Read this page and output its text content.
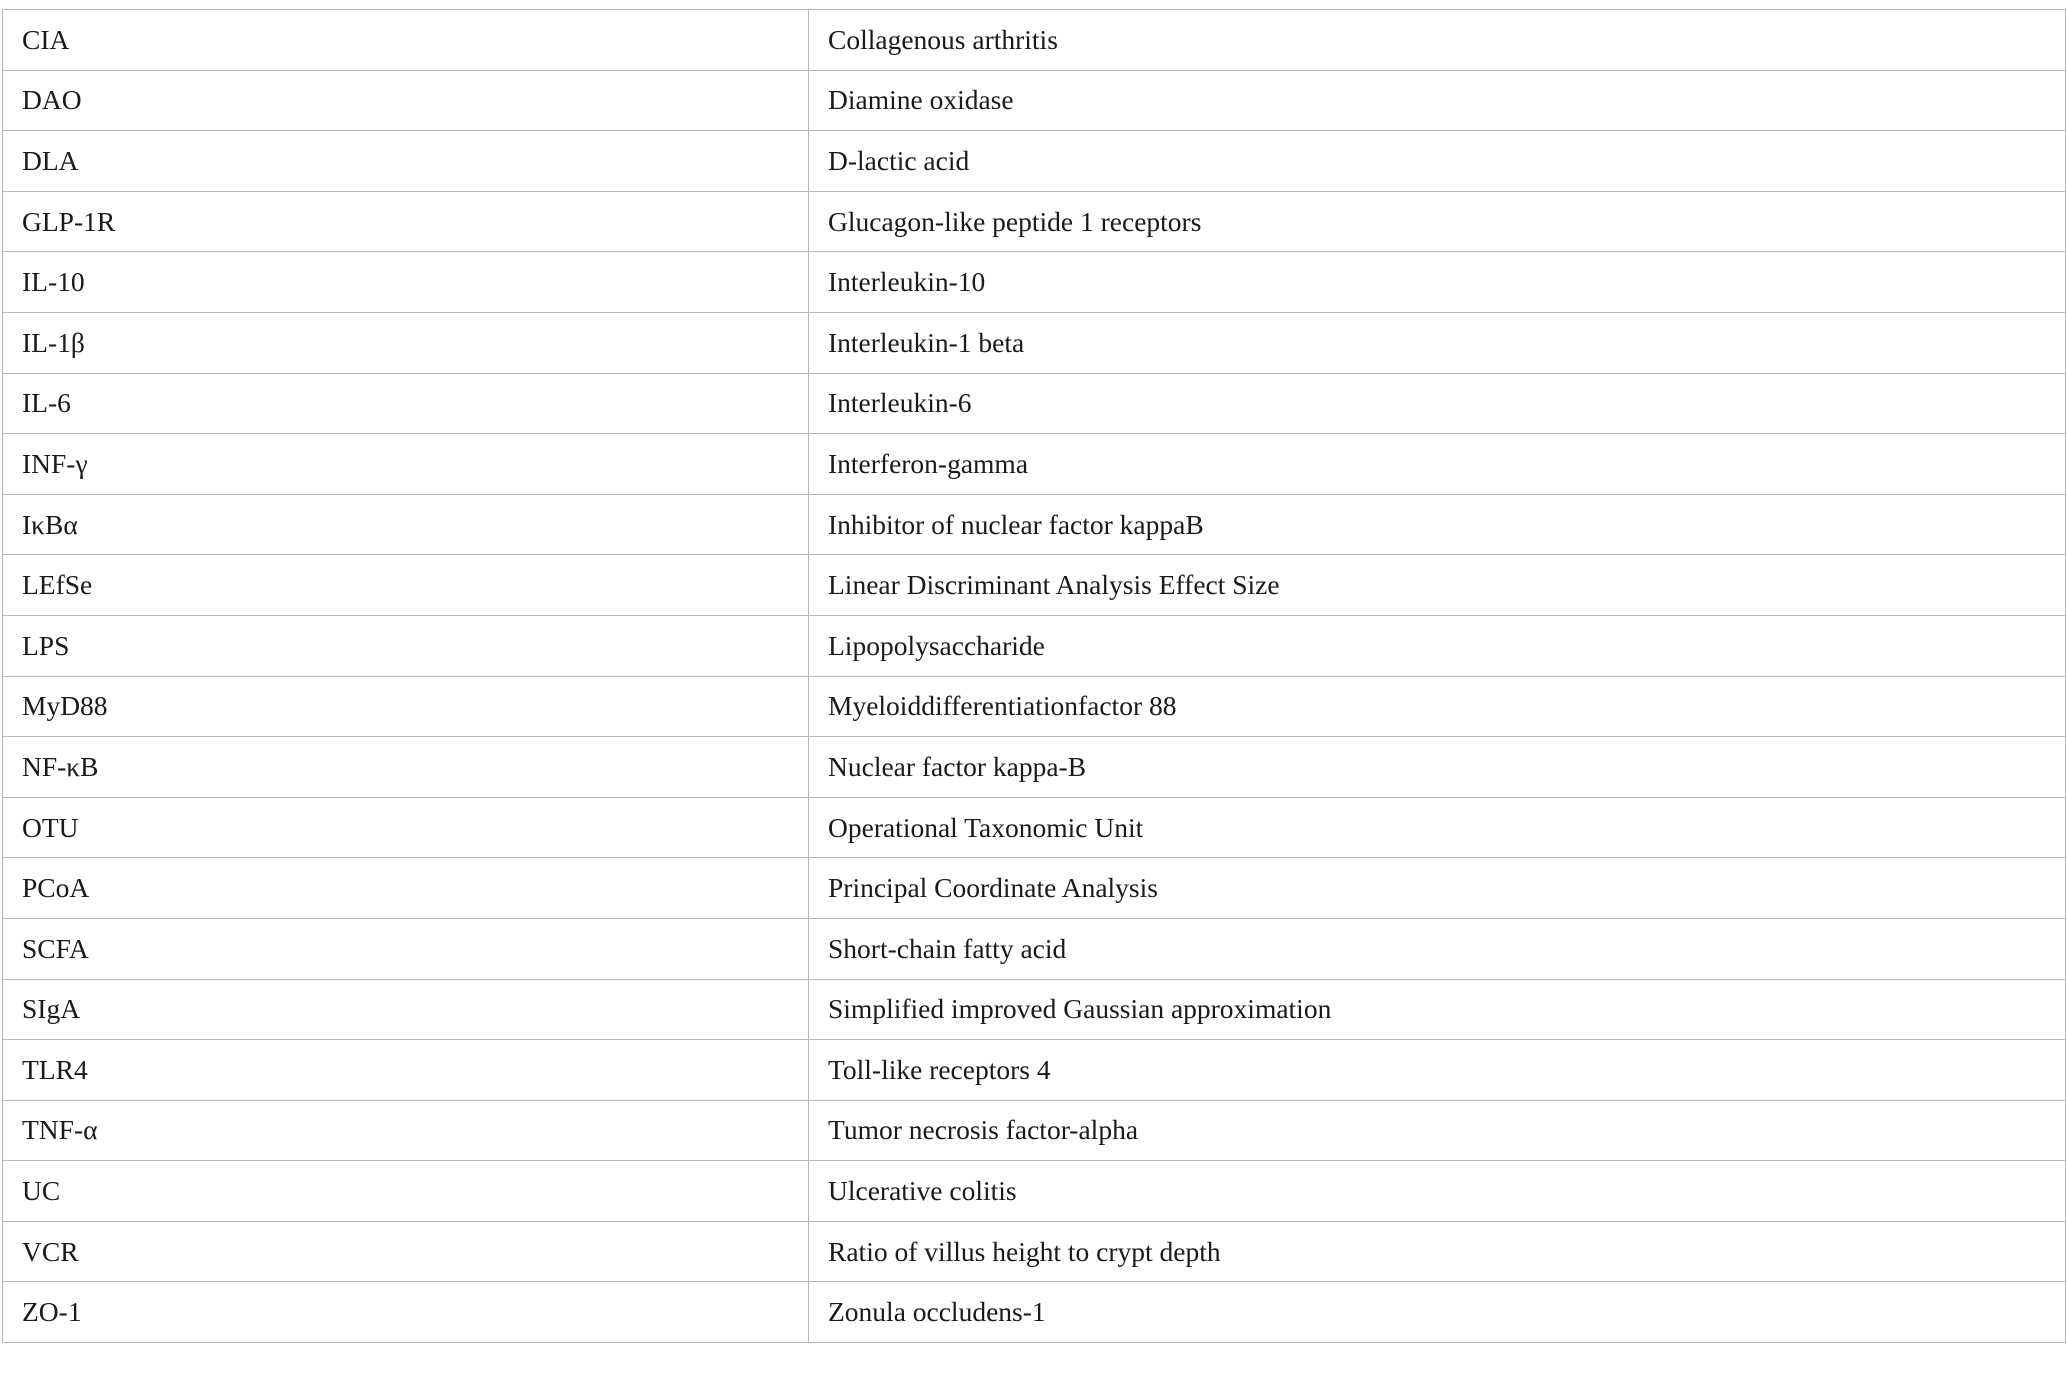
CIA	Collagenous arthritis
DAO	Diamine oxidase
DLA	D-lactic acid
GLP-1R	Glucagon-like peptide 1 receptors
IL-10	Interleukin-10
IL-1β	Interleukin-1 beta
IL-6	Interleukin-6
INF-γ	Interferon-gamma
IκBα	Inhibitor of nuclear factor kappaB
LEfSe	Linear Discriminant Analysis Effect Size
LPS	Lipopolysaccharide
MyD88	Myeloiddifferentiationfactor 88
NF-κB	Nuclear factor kappa-B
OTU	Operational Taxonomic Unit
PCoA	Principal Coordinate Analysis
SCFA	Short-chain fatty acid
SIgA	Simplified improved Gaussian approximation
TLR4	Toll-like receptors 4
TNF-α	Tumor necrosis factor-alpha
UC	Ulcerative colitis
VCR	Ratio of villus height to crypt depth
ZO-1	Zonula occludens-1
